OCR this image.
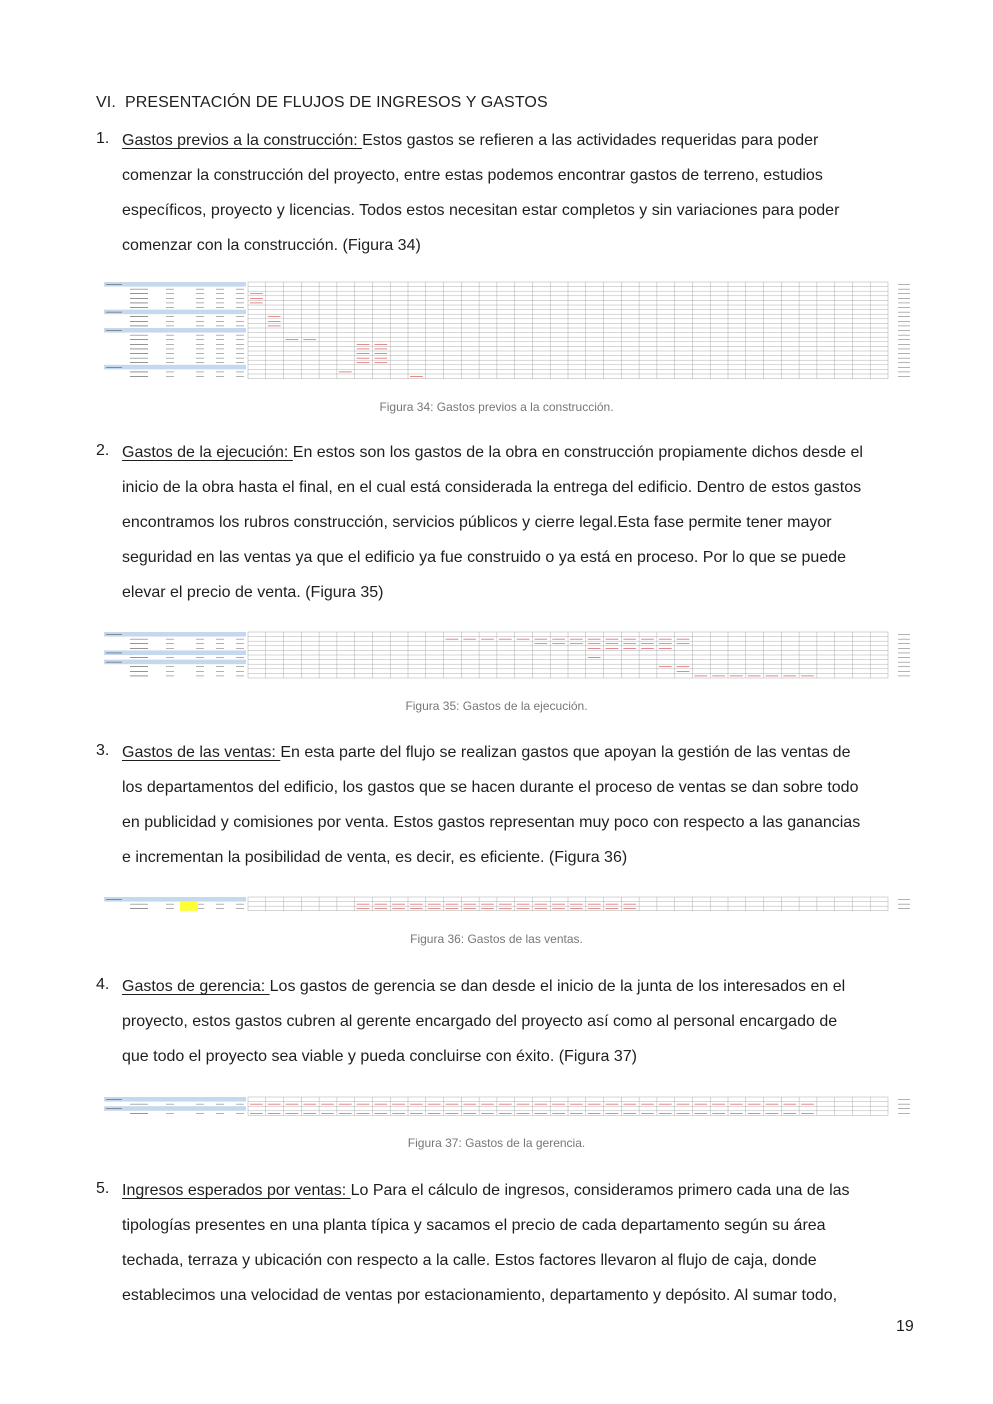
VI.  PRESENTACIÓN DE FLUJOS DE INGRESOS Y GASTOS
1. Gastos previos a la construcción: Estos gastos se refieren a las actividades requeridas para poder
comenzar la construcción del proyecto, entre estas podemos encontrar gastos de terreno, estudios
específicos, proyecto y licencias. Todos estos necesitan estar completos y sin variaciones para poder
comenzar con la construcción. (Figura 34)
Figura 34: Gastos previos a la construcción.
2. Gastos de la ejecución: En estos son los gastos de la obra en construcción propiamente dichos desde el
inicio de la obra hasta el final, en el cual está considerada la entrega del edificio. Dentro de estos gastos
encontramos los rubros construcción, servicios públicos y cierre legal.Esta fase permite tener mayor
seguridad en las ventas ya que el edificio ya fue construido o ya está en proceso. Por lo que se puede
elevar el precio de venta. (Figura 35)
Figura 35: Gastos de la ejecución.
3. Gastos de las ventas: En esta parte del flujo se realizan gastos que apoyan la gestión de las ventas de
los departamentos del edificio, los gastos que se hacen durante el proceso de ventas se dan sobre todo
en publicidad y comisiones por venta. Estos gastos representan muy poco con respecto a las ganancias
e incrementan la posibilidad de venta, es decir, es eficiente. (Figura 36)
Figura 36: Gastos de las ventas.
4. Gastos de gerencia: Los gastos de gerencia se dan desde el inicio de la junta de los interesados en el
proyecto, estos gastos cubren al gerente encargado del proyecto así como al personal encargado de
que todo el proyecto sea viable y pueda concluirse con éxito. (Figura 37)
Figura 37: Gastos de la gerencia.
5. Ingresos esperados por ventas: Lo Para el cálculo de ingresos, consideramos primero cada una de las
tipologías presentes en una planta típica y sacamos el precio de cada departamento según su área
techada, terraza y ubicación con respecto a la calle. Estos factores llevaron al flujo de caja, donde
establecimos una velocidad de ventas por estacionamiento, departamento y depósito. Al sumar todo,
19
